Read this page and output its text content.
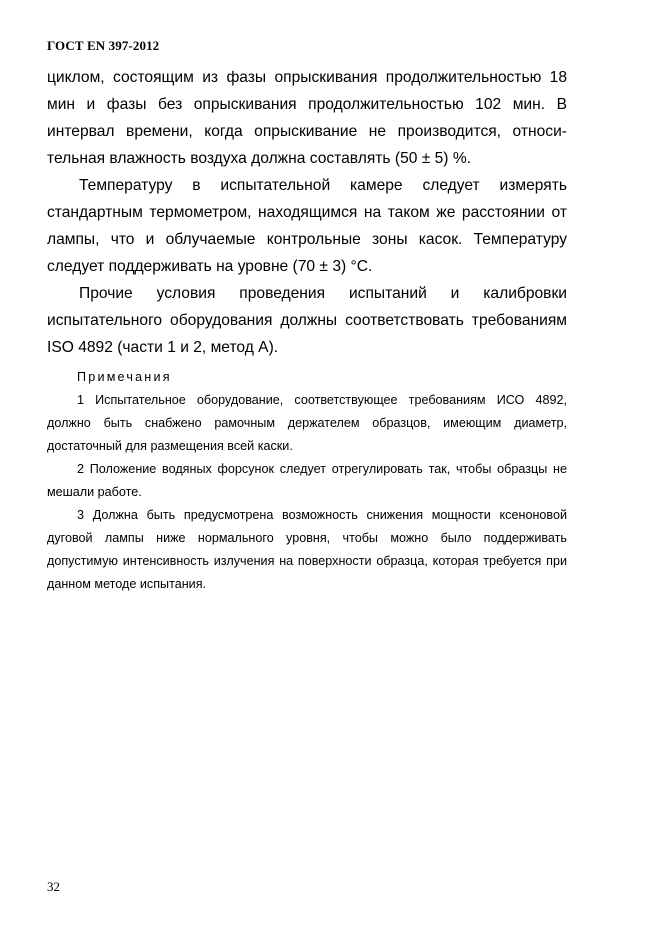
ГОСТ EN 397-2012

циклом, состоящим из фазы опрыскивания продолжительностью 18

мин и фазы без опрыскивания продолжительностью 102 мин. В

интервал времени, когда опрыскивание не производится, относи-

тельная влажность воздуха должна составлять (50 ± 5) %.

Температуру в испытательной камере следует измерять

стандартным термометром, находящимся на таком же расстоянии от

лампы, что и облучаемые контрольные зоны касок. Температуру

следует поддерживать на уровне (70 ± 3) °С.

Прочие условия проведения испытаний и калибровки

испытательного оборудования должны соответствовать требованиям

ISO 4892 (части 1 и 2, метод А).

Примечания

1 Испытательное оборудование, соответствующее требованиям ИСО 4892, должно быть снабжено рамочным держателем образцов, имеющим диаметр, достаточный для размещения всей каски.

2 Положение водяных форсунок следует отрегулировать так, чтобы образцы не мешали работе.

3 Должна быть предусмотрена возможность снижения мощности ксеноновой дуговой лампы ниже нормального уровня, чтобы можно было поддерживать допустимую интенсивность излучения на поверхности образца, которая требуется при данном методе испытания.

32
